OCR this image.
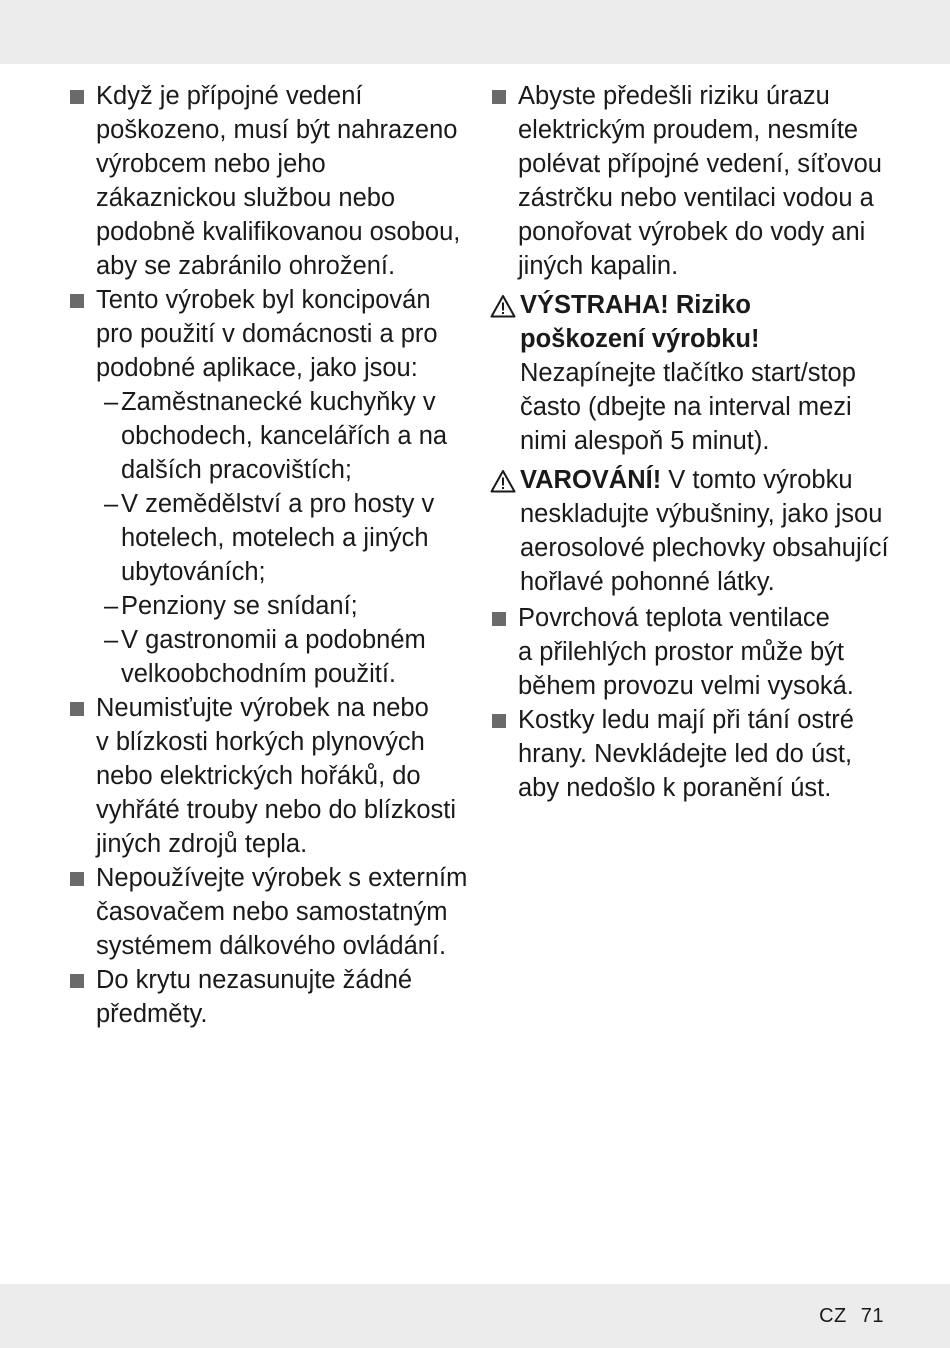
Když je přípojné vedení
poškozeno, musí být nahrazeno
výrobcem nebo jeho
zákaznickou službou nebo
podobně kvalifikovanou osobou,
aby se zabránilo ohrožení.
Tento výrobek byl koncipován
pro použití v domácnosti a pro
podobné aplikace, jako jsou:
– Zaměstnanecké kuchyňky v
obchodech, kancelářích a na
dalších pracovištích;
– V zemědělství a pro hosty v
hotelech, motelech a jiných
ubytováních;
– Penziony se snídaní;
– V gastronomii a podobném
velkoobchodním použití.
Neumisťujte výrobek na nebo
v blízkosti horkých plynových
nebo elektrických hořáků, do
vyhřáté trouby nebo do blízkosti
jiných zdrojů tepla.
Nepoužívejte výrobek s externím
časovačem nebo samostatným
systémem dálkového ovládání.
Do krytu nezasunujte žádné
předměty.
Abyste předešli riziku úrazu
elektrickým proudem, nesmíte
polévat přípojné vedení, síťovou
zástrčku nebo ventilaci vodou a
ponořovat výrobek do vody ani
jiných kapalin.
VÝSTRAHA! Riziko
poškození výrobku!
Nezapínejte tlačítko start/stop
často (dbejte na interval mezi
nimi alespoň 5 minut).
VAROVÁNÍ! V tomto výrobku
neskladujte výbušniny, jako jsou
aerosolové plechovky obsahující
hořlavé pohonné látky.
Povrchová teplota ventilace
a přilehlých prostor může být
během provozu velmi vysoká.
Kostky ledu mají při tání ostré
hrany. Nevkládejte led do úst,
aby nedošlo k poranění úst.
CZ 71
